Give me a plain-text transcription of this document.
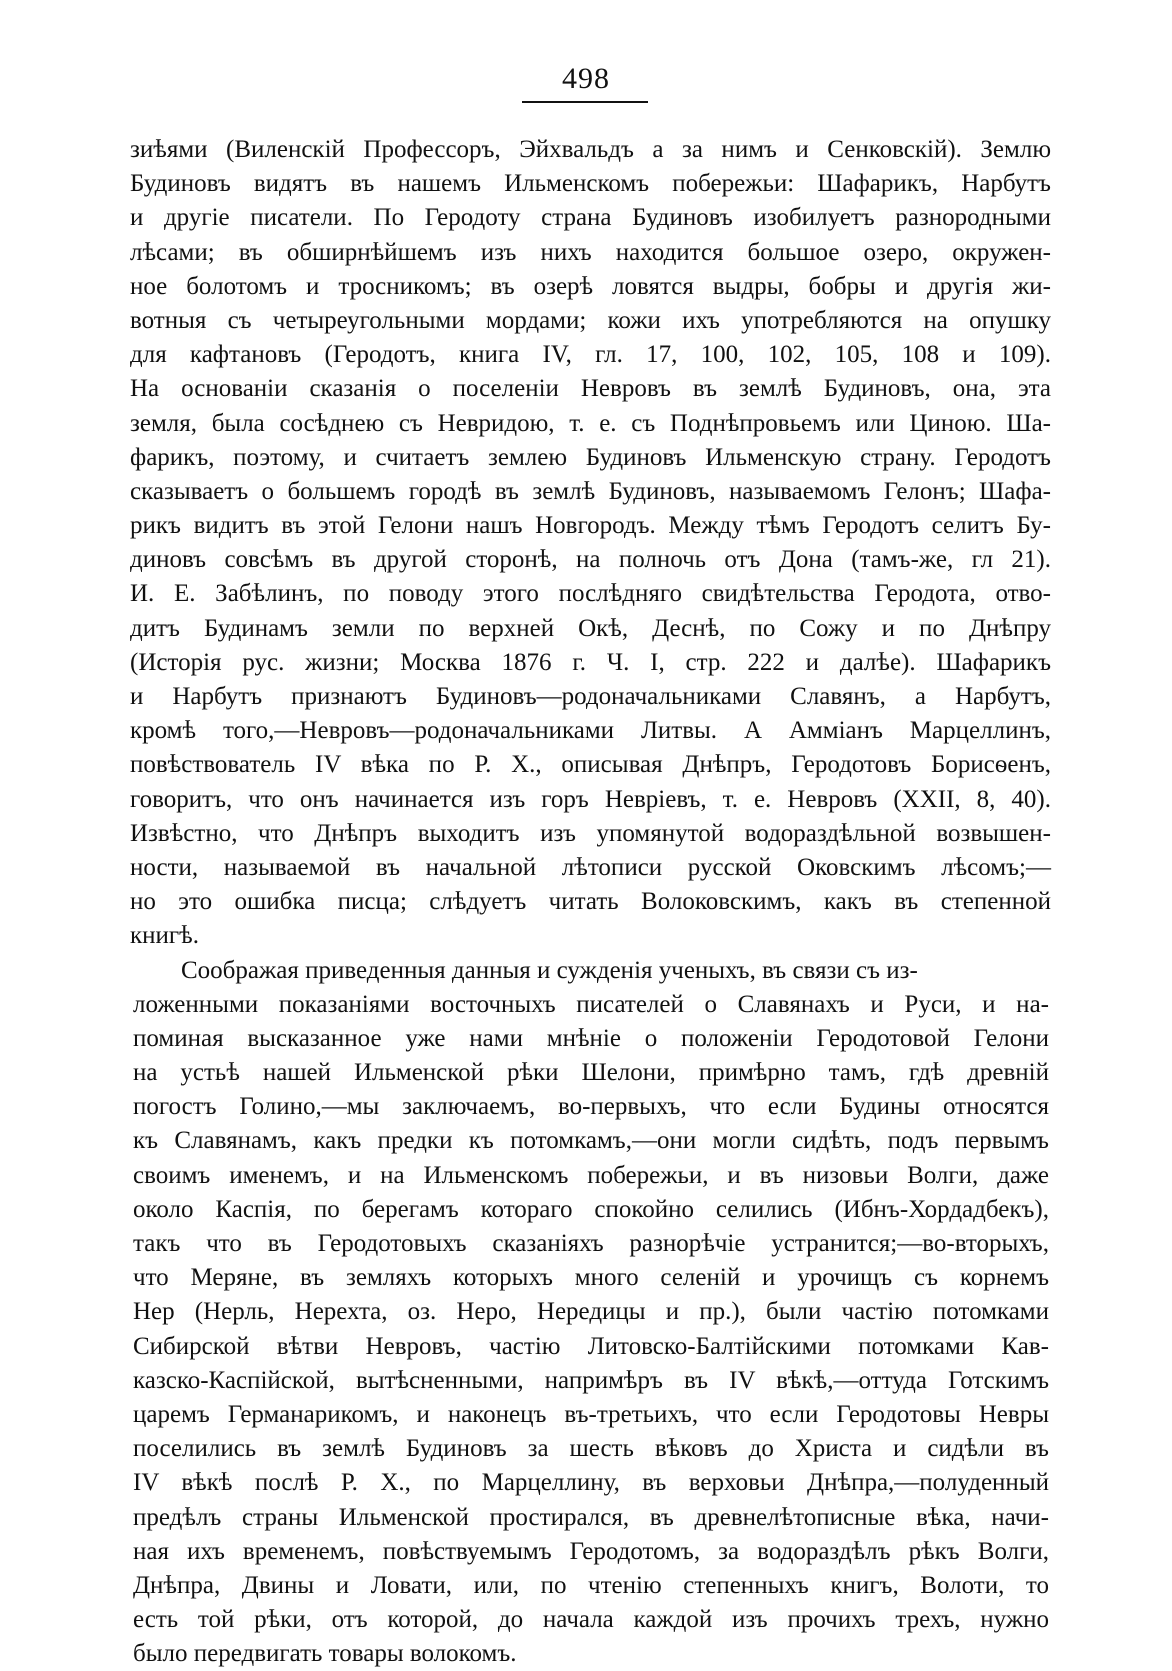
498
зиѣями (Виленскій Профессоръ, Эйхвальдъ а за нимъ и Сенковскій). Землю
Будиновъ видятъ въ нашемъ Ильменскомъ побережьи: Шафарикъ, Нарбутъ
и другіе писатели. По Геродоту страна Будиновъ изобилуетъ разнородными
лѣсами; въ обширнѣйшемъ изъ нихъ находится большое озеро, окружен-
ное болотомъ и тросникомъ; въ озерѣ ловятся выдры, бобры и другія жи-
вотныя съ четыреугольными мордами; кожи ихъ употребляются на опушку
для кафтановъ (Геродотъ, книга IV, гл. 17, 100, 102, 105, 108 и 109).
На основаніи сказанія о поселеніи Невровъ въ землѣ Будиновъ, она, эта
земля, была сосѣднею съ Невридою, т. е. съ Поднѣпровьемъ или Циною. Ша-
фарикъ, поэтому, и считаетъ землею Будиновъ Ильменскую страну. Геродотъ
сказываетъ о большемъ городѣ въ землѣ Будиновъ, называемомъ Гелонъ; Шафа-
рикъ видитъ въ этой Гелони нашъ Новгородъ. Между тѣмъ Геродотъ селитъ Бу-
диновъ совсѣмъ въ другой сторонѣ, на полночь отъ Дона (тамъ-же, гл 21).
И. Е. Забѣлинъ, по поводу этого послѣдняго свидѣтельства Геродота, отво-
дитъ Будинамъ земли по верхней Окѣ, Деснѣ, по Сожу и по Днѣпру
(Исторія рус. жизни; Москва 1876 г. Ч. I, стр. 222 и далѣе). Шафарикъ
и Нарбутъ признаютъ Будиновъ—родоначальниками Славянъ, а Нарбутъ,
кромѣ того,—Невровъ—родоначальниками Литвы. А Аммiанъ Марцеллинъ,
повѣствователь IV вѣка по Р. Х., описывая Днѣпръ, Геродотовъ Борисѳенъ,
говоритъ, что онъ начинается изъ горъ Невріевъ, т. е. Невровъ (XXII, 8, 40).
Извѣстно, что Днѣпръ выходитъ изъ упомянутой водораздѣльной возвышен-
ности, называемой въ начальной лѣтописи русской Оковскимъ лѣсомъ;—
но это ошибка писца; слѣдуетъ читать Волоковскимъ, какъ въ степенной
книгѣ.
Соображая приведенныя данныя и сужденія ученыхъ, въ связи съ из-
ложенными показаніями восточныхъ писателей о Славянахъ и Руси, и на-
поминая высказанное уже нами мнѣніе о положеніи Геродотовой Гелони
на устьѣ нашей Ильменской рѣки Шелони, примѣрно тамъ, гдѣ древній
погостъ Голино,—мы заключаемъ, во-первыхъ, что если Будины относятся
къ Славянамъ, какъ предки къ потомкамъ,—они могли сидѣть, подъ первымъ
своимъ именемъ, и на Ильменскомъ побережьи, и въ низовьи Волги, даже
около Каспія, по берегамъ котораго спокойно селились (Ибнъ-Хордадбекъ),
такъ что въ Геродотовыхъ сказаніяхъ разнорѣчіе устранится;—во-вторыхъ,
что Меряне, въ земляхъ которыхъ много селеній и урочищъ съ корнемъ
Нер (Нерль, Нерехта, оз. Неро, Нередицы и пр.), были частію потомками
Сибирской вѣтви Невровъ, частію Литовско-Балтійскими потомками Кав-
казско-Каспійской, вытѣсненными, напримѣръ въ IV вѣкѣ,—оттуда Готскимъ
царемъ Германарикомъ, и наконецъ въ-третьихъ, что если Геродотовы Невры
поселились въ землѣ Будиновъ за шесть вѣковъ до Христа и сидѣли въ
IV вѣкѣ послѣ Р. Х., по Марцеллину, въ верховьи Днѣпра,—полуденный
предѣлъ страны Ильменской простирался, въ древнелѣтописные вѣка, начи-
ная ихъ временемъ, повѣствуемымъ Геродотомъ, за водораздѣлъ рѣкъ Волги,
Днѣпра, Двины и Ловати, или, по чтенію степенныхъ книгъ, Волоти, то
есть той рѣки, отъ которой, до начала каждой изъ прочихъ трехъ, нужно
было передвигать товары волокомъ.
